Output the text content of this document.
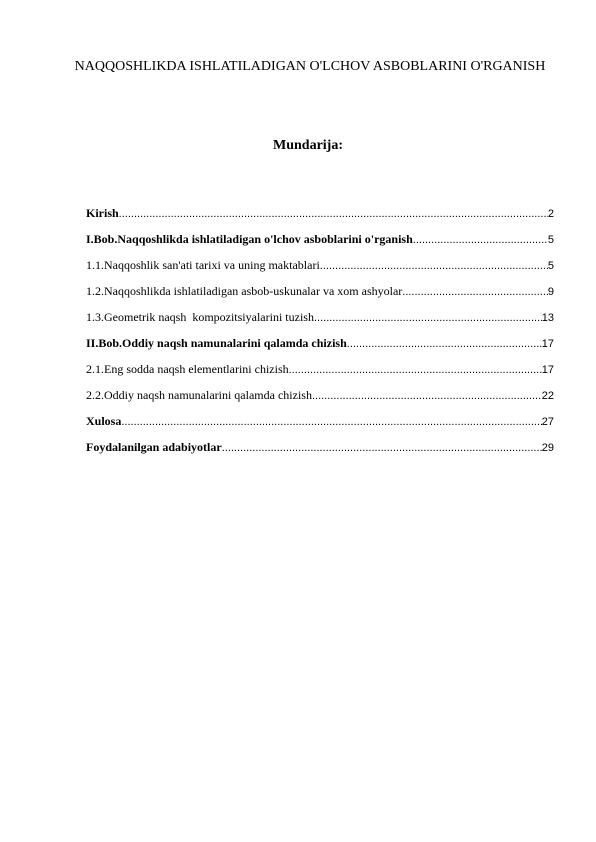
NAQQOSHLIKDA ISHLATILADIGAN O'LCHOV ASBOBLARINI O'RGANISH
Mundarija:
Kirish .....	2
I.Bob.Naqqoshlikda ishlatiladigan o'lchov asboblarini o'rganish .....	5
1.1.Naqqoshlik san'ati tarixi va uning maktablari .....	5
1.2.Naqqoshlikda ishlatiladigan asbob-uskunalar va xom ashyolar .....	9
1.3.Geometrik naqsh  kompozitsiyalarini tuzish .....	13
II.Bob.Oddiy naqsh namunalarini qalamda chizish .....	17
2.1.Eng sodda naqsh elementlarini chizish .....	17
2.2.Oddiy naqsh namunalarini qalamda chizish .....	22
Xulosa .....	27
Foydalanilgan adabiyotlar .....	29
